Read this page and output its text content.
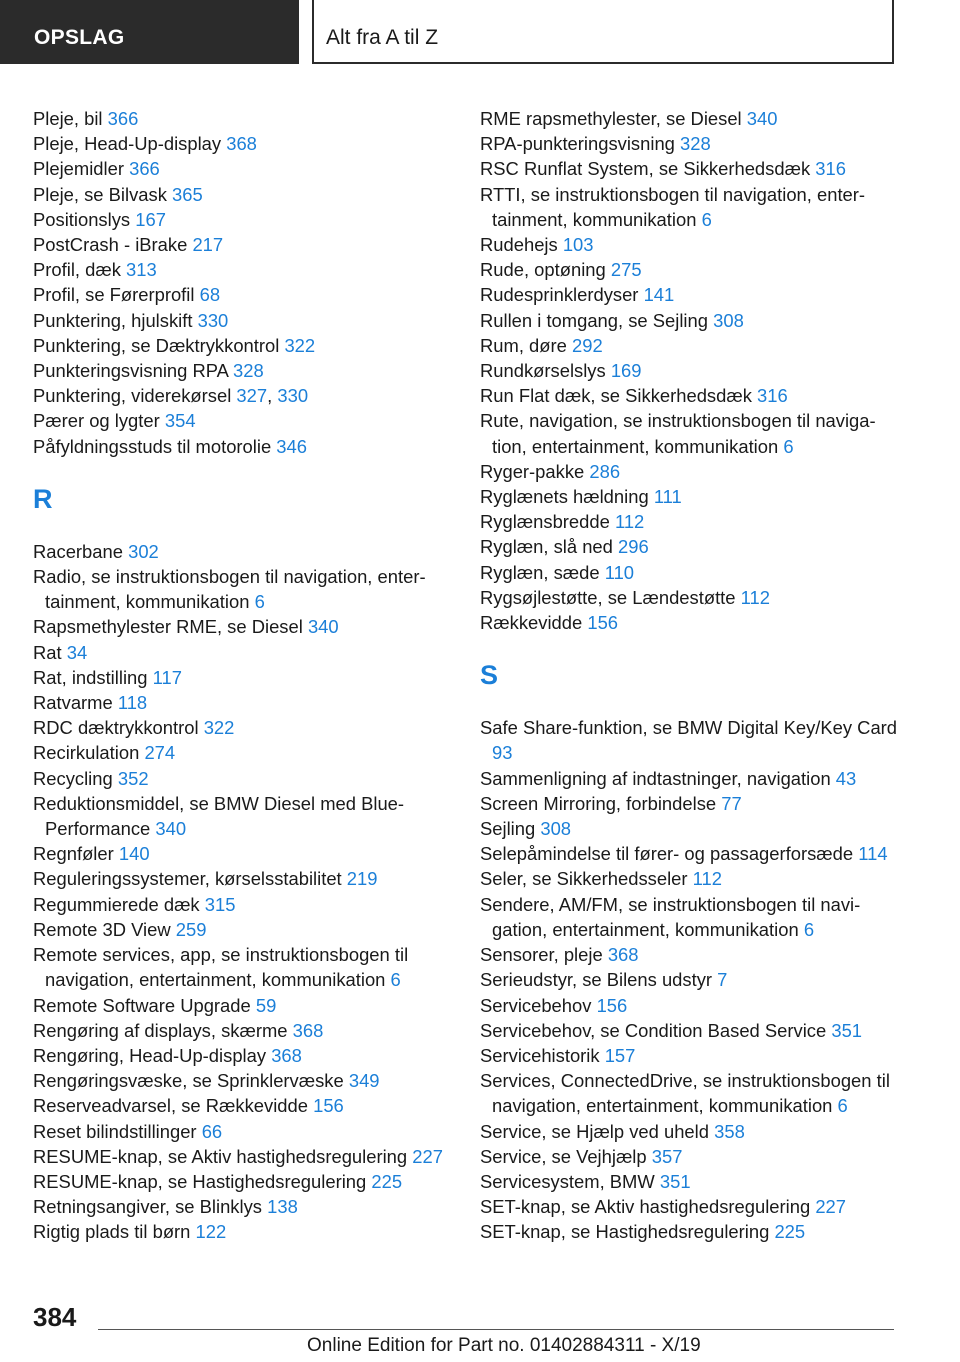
OPSLAG	Alt fra A til Z
Pleje, bil 366
Pleje, Head-Up-display 368
Plejemidler 366
Pleje, se Bilvask 365
Positionslys 167
PostCrash - iBrake 217
Profil, dæk 313
Profil, se Førerprofil 68
Punktering, hjulskift 330
Punktering, se Dæktrykkontrol 322
Punkteringsvisning RPA 328
Punktering, viderekørsel 327, 330
Pærer og lygter 354
Påfyldningsstuds til motorolie 346
R
Racerbane 302
Radio, se instruktionsbogen til navigation, entertainment, kommunikation 6
Rapsmethylester RME, se Diesel 340
Rat 34
Rat, indstilling 117
Ratvarme 118
RDC dæktrykkontrol 322
Recirkulation 274
Recycling 352
Reduktionsmiddel, se BMW Diesel med BluePerformance 340
Regnføler 140
Reguleringssystemer, kørselsstabilitet 219
Regummierede dæk 315
Remote 3D View 259
Remote services, app, se instruktionsbogen til navigation, entertainment, kommunikation 6
Remote Software Upgrade 59
Rengøring af displays, skærme 368
Rengøring, Head-Up-display 368
Rengøringsvæske, se Sprinklervæske 349
Reserveadvarsel, se Rækkevidde 156
Reset bilindstillinger 66
RESUME-knap, se Aktiv hastighedsregulering 227
RESUME-knap, se Hastighedsregulering 225
Retningsangiver, se Blinklys 138
Rigtig plads til børn 122
RME rapsmethylester, se Diesel 340
RPA-punkteringsvisning 328
RSC Runflat System, se Sikkerhedsdæk 316
RTTI, se instruktionsbogen til navigation, entertainment, kommunikation 6
Rudehejs 103
Rude, optøning 275
Rudesprinklerdyser 141
Rullen i tomgang, se Sejling 308
Rum, døre 292
Rundkørselslys 169
Run Flat dæk, se Sikkerhedsdæk 316
Rute, navigation, se instruktionsbogen til navigation, entertainment, kommunikation 6
Ryger-pakke 286
Ryglænets hældning 111
Ryglænsbredde 112
Ryglæn, slå ned 296
Ryglæn, sæde 110
Rygsøjlestøtte, se Lændestøtte 112
Rækkevidde 156
S
Safe Share-funktion, se BMW Digital Key/Key Card 93
Sammenligning af indtastninger, navigation 43
Screen Mirroring, forbindelse 77
Sejling 308
Selepåmindelse til fører- og passagerforsæde 114
Seler, se Sikkerhedsseler 112
Sendere, AM/FM, se instruktionsbogen til navigation, entertainment, kommunikation 6
Sensorer, pleje 368
Serieudstyr, se Bilens udstyr 7
Servicebehov 156
Servicebehov, se Condition Based Service 351
Servicehistorik 157
Services, ConnectedDrive, se instruktionsbogen til navigation, entertainment, kommunikation 6
Service, se Hjælp ved uheld 358
Service, se Vejhjælp 357
Servicesystem, BMW 351
SET-knap, se Aktiv hastighedsregulering 227
SET-knap, se Hastighedsregulering 225
384
Online Edition for Part no. 01402884311 - X/19
